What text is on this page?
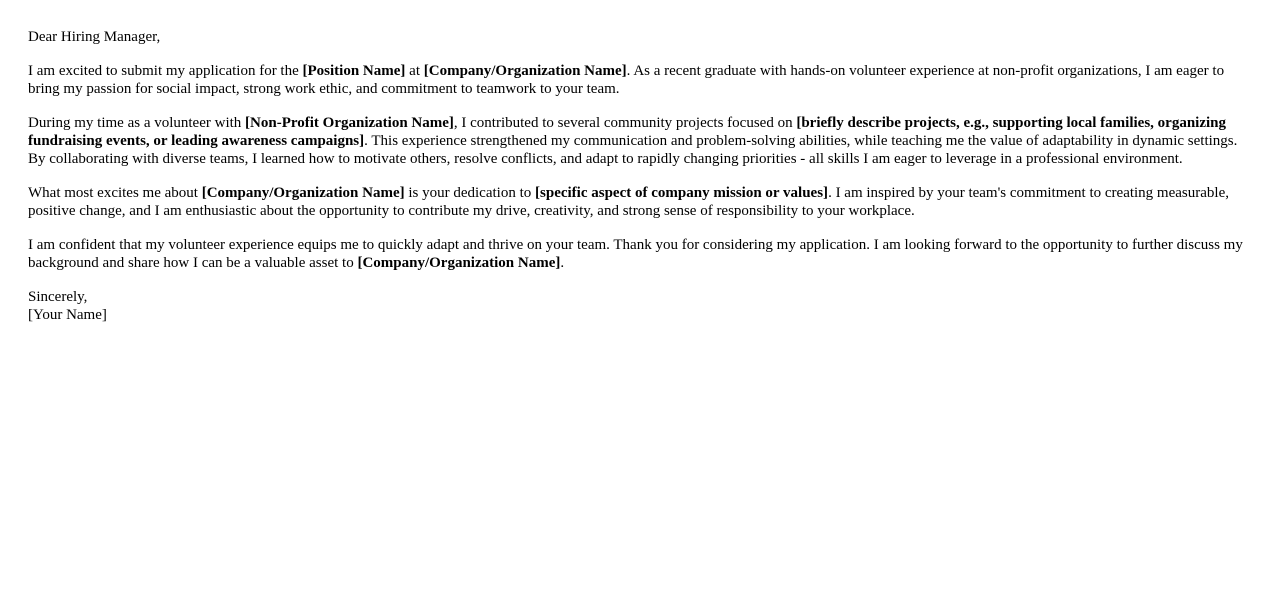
Dear Hiring Manager,

I am excited to submit my application for the [Position Name] at [Company/Organization Name]. As a recent graduate with hands-on volunteer experience at non-profit organizations, I am eager to bring my passion for social impact, strong work ethic, and commitment to teamwork to your team.

During my time as a volunteer with [Non-Profit Organization Name], I contributed to several community projects focused on [briefly describe projects, e.g., supporting local families, organizing fundraising events, or leading awareness campaigns]. This experience strengthened my communication and problem-solving abilities, while teaching me the value of adaptability in dynamic settings. By collaborating with diverse teams, I learned how to motivate others, resolve conflicts, and adapt to rapidly changing priorities - all skills I am eager to leverage in a professional environment.

What most excites me about [Company/Organization Name] is your dedication to [specific aspect of company mission or values]. I am inspired by your team's commitment to creating measurable, positive change, and I am enthusiastic about the opportunity to contribute my drive, creativity, and strong sense of responsibility to your workplace.

I am confident that my volunteer experience equips me to quickly adapt and thrive on your team. Thank you for considering my application. I am looking forward to the opportunity to further discuss my background and share how I can be a valuable asset to [Company/Organization Name].

Sincerely,
[Your Name]
